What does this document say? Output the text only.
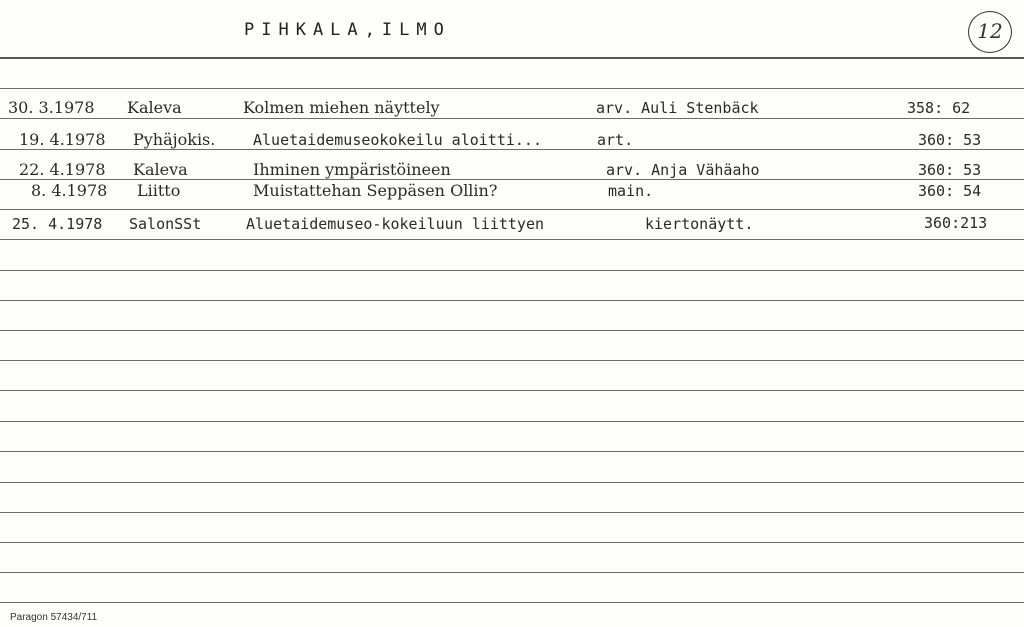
PIHKALA,ILMO	12
30. 3.1978 Kaleva	Kolmen miehen näyttely	arv. Auli Stenbäck	358: 62
19. 4.1978 Pyhäjokis.	Aluetaidemuseokokeilu aloitti...	art.	360: 53
22. 4.1978 Kaleva	Ihminen ympäristöineen	arv. Anja Vähäaho	360: 53
8. 4.1978 Liitto	Muistattehan Seppäsen Ollin?	main.	360: 54
25. 4.1978 SalonSSt	Aluetaidemuseo-kokeiluun liittyen	kiertonäytt.	360:213
Paragon 57434/711
